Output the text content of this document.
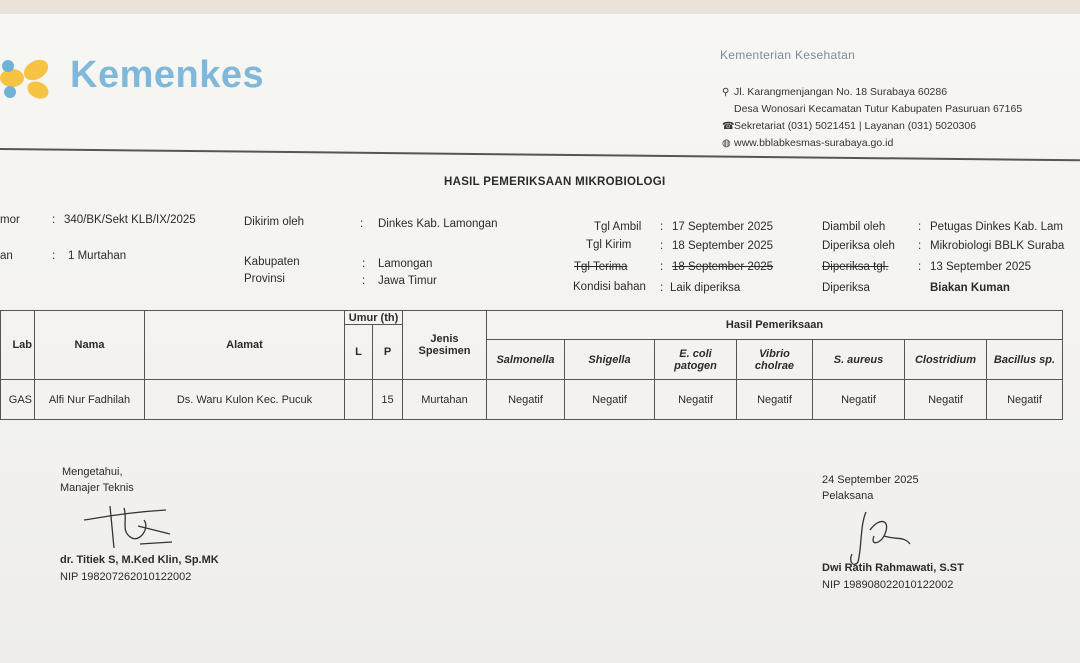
Kemenkes	Kementerian Kesehatan
⚲ Jl. Karangmenjangan No. 18 Surabaya 60286
Desa Wonosari Kecamatan Tutur Kabupaten Pasuruan 67165
☎Sekretariat (031) 5021451 | Layanan (031) 5020306
◍ www.bblabkesmas-surabaya.go.id
HASIL PEMERIKSAAN MIKROBIOLOGI
mor	: 340/BK/Sekt KLB/IX/2025
an	: 1 Murtahan
Dikirim oleh	: Dinkes Kab. Lamongan
Kabupaten	: Lamongan
Provinsi	: Jawa Timur
Tgl Ambil : 17 September 2025
Tgl Kirim : 18 September 2025
Tgl Terima	: 18 September 2025
Kondisi bahan : Laik diperiksa
Diambil oleh	: Petugas Dinkes Kab. Lam
Diperiksa oleh : Mikrobiologi BBLK Suraba
Diperiksa tgl.	: 13 September 2025
Diperiksa	Biakan Kuman
Lab	Nama	Alamat	Umur (th)		Jenis Spesimen	Hasil Pemeriksaan						
			L	P								
						Salmonella	Shigella	E. coli patogen	Vibrio cholrae	S. aureus	Clostridium	Bacillus sp.
GAS	Alfi Nur Fadhilah	Ds. Waru Kulon Kec. Pucuk		15	Murtahan	Negatif	Negatif	Negatif	Negatif	Negatif	Negatif	Negatif
Mengetahui,
Manajer Teknis
dr. Titiek S, M.Ked Klin, Sp.MK
NIP 198207262010122002
24 September 2025
Pelaksana
Dwi Ratih Rahmawati, S.ST
NIP 198908022010122002
